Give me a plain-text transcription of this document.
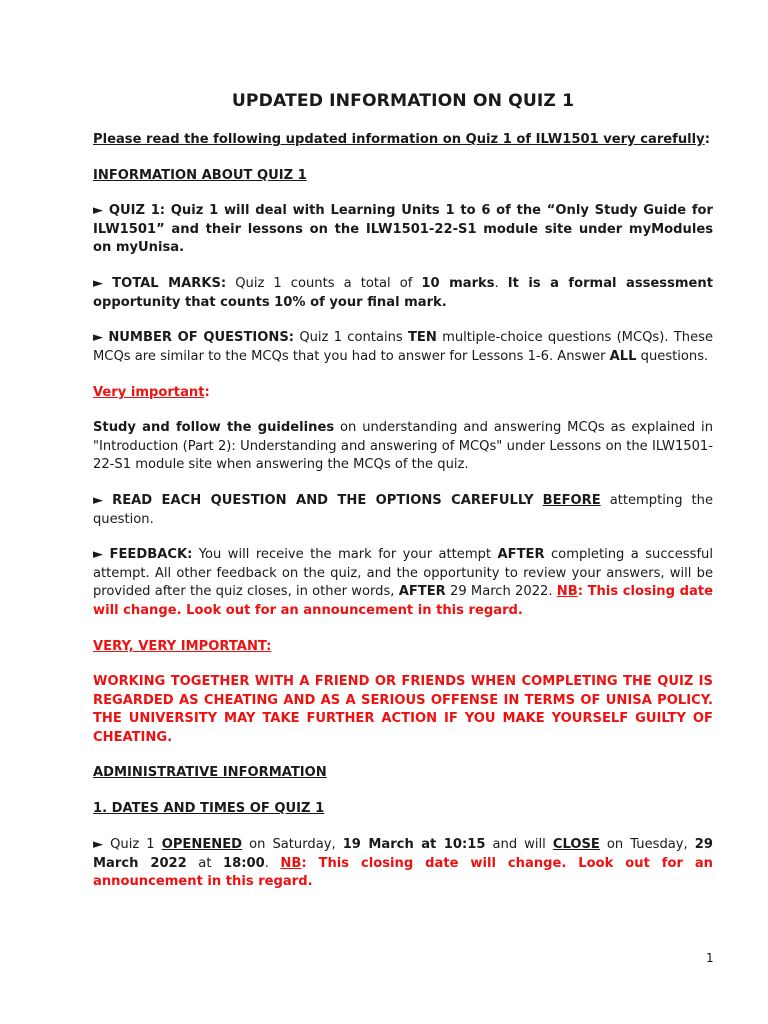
UPDATED INFORMATION ON QUIZ 1

Please read the following updated information on Quiz 1 of ILW1501 very carefully:

INFORMATION ABOUT QUIZ 1

► QUIZ 1: Quiz 1 will deal with Learning Units 1 to 6 of the “Only Study Guide for ILW1501” and their lessons on the ILW1501-22-S1 module site under myModules on myUnisa.

► TOTAL MARKS: Quiz 1 counts a total of 10 marks. It is a formal assessment opportunity that counts 10% of your final mark.

► NUMBER OF QUESTIONS: Quiz 1 contains TEN multiple-choice questions (MCQs). These MCQs are similar to the MCQs that you had to answer for Lessons 1-6. Answer ALL questions.

Very important:

Study and follow the guidelines on understanding and answering MCQs as explained in "Introduction (Part 2): Understanding and answering of MCQs" under Lessons on the ILW1501-22-S1 module site when answering the MCQs of the quiz.

► READ EACH QUESTION AND THE OPTIONS CAREFULLY BEFORE attempting the question.

► FEEDBACK: You will receive the mark for your attempt AFTER completing a successful attempt. All other feedback on the quiz, and the opportunity to review your answers, will be provided after the quiz closes, in other words, AFTER 29 March 2022. NB: This closing date will change. Look out for an announcement in this regard.

VERY, VERY IMPORTANT:

WORKING TOGETHER WITH A FRIEND OR FRIENDS WHEN COMPLETING THE QUIZ IS REGARDED AS CHEATING AND AS A SERIOUS OFFENSE IN TERMS OF UNISA POLICY. THE UNIVERSITY MAY TAKE FURTHER ACTION IF YOU MAKE YOURSELF GUILTY OF CHEATING.

ADMINISTRATIVE INFORMATION

1. DATES AND TIMES OF QUIZ 1

► Quiz 1 OPENENED on Saturday, 19 March at 10:15 and will CLOSE on Tuesday, 29 March 2022 at 18:00. NB: This closing date will change. Look out for an announcement in this regard.

1
